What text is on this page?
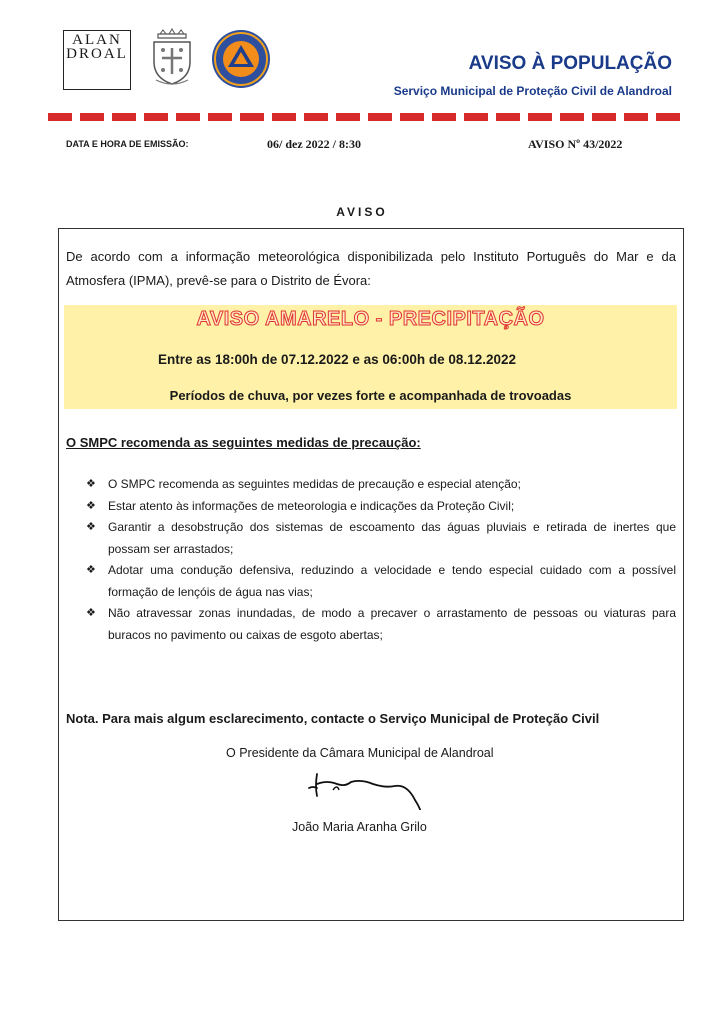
ALAN
DROAL	AVISO À POPULAÇÃO
Serviço Municipal de Proteção Civil de Alandroal
DATA E HORA DE EMISSÃO:	06/ dez 2022 / 8:30	AVISO Nº 43/2022
AVISO
De acordo com a informação meteorológica disponibilizada pelo Instituto Português do Mar e da Atmosfera (IPMA), prevê-se para o Distrito de Évora:
AVISO AMARELO - PRECIPITAÇÃO
Entre as 18:00h de 07.12.2022 e as 06:00h de 08.12.2022
Períodos de chuva, por vezes forte e acompanhada de trovoadas
O SMPC recomenda as seguintes medidas de precaução:
❖ O SMPC recomenda as seguintes medidas de precaução e especial atenção;
❖ Estar atento às informações de meteorologia e indicações da Proteção Civil;
❖ Garantir a desobstrução dos sistemas de escoamento das águas pluviais e retirada de inertes que possam ser arrastados;
❖ Adotar uma condução defensiva, reduzindo a velocidade e tendo especial cuidado com a possível formação de lençóis de água nas vias;
❖ Não atravessar zonas inundadas, de modo a precaver o arrastamento de pessoas ou viaturas para buracos no pavimento ou caixas de esgoto abertas;
Nota. Para mais algum esclarecimento, contacte o Serviço Municipal de Proteção Civil
O Presidente da Câmara Municipal de Alandroal
João Maria Aranha Grilo
